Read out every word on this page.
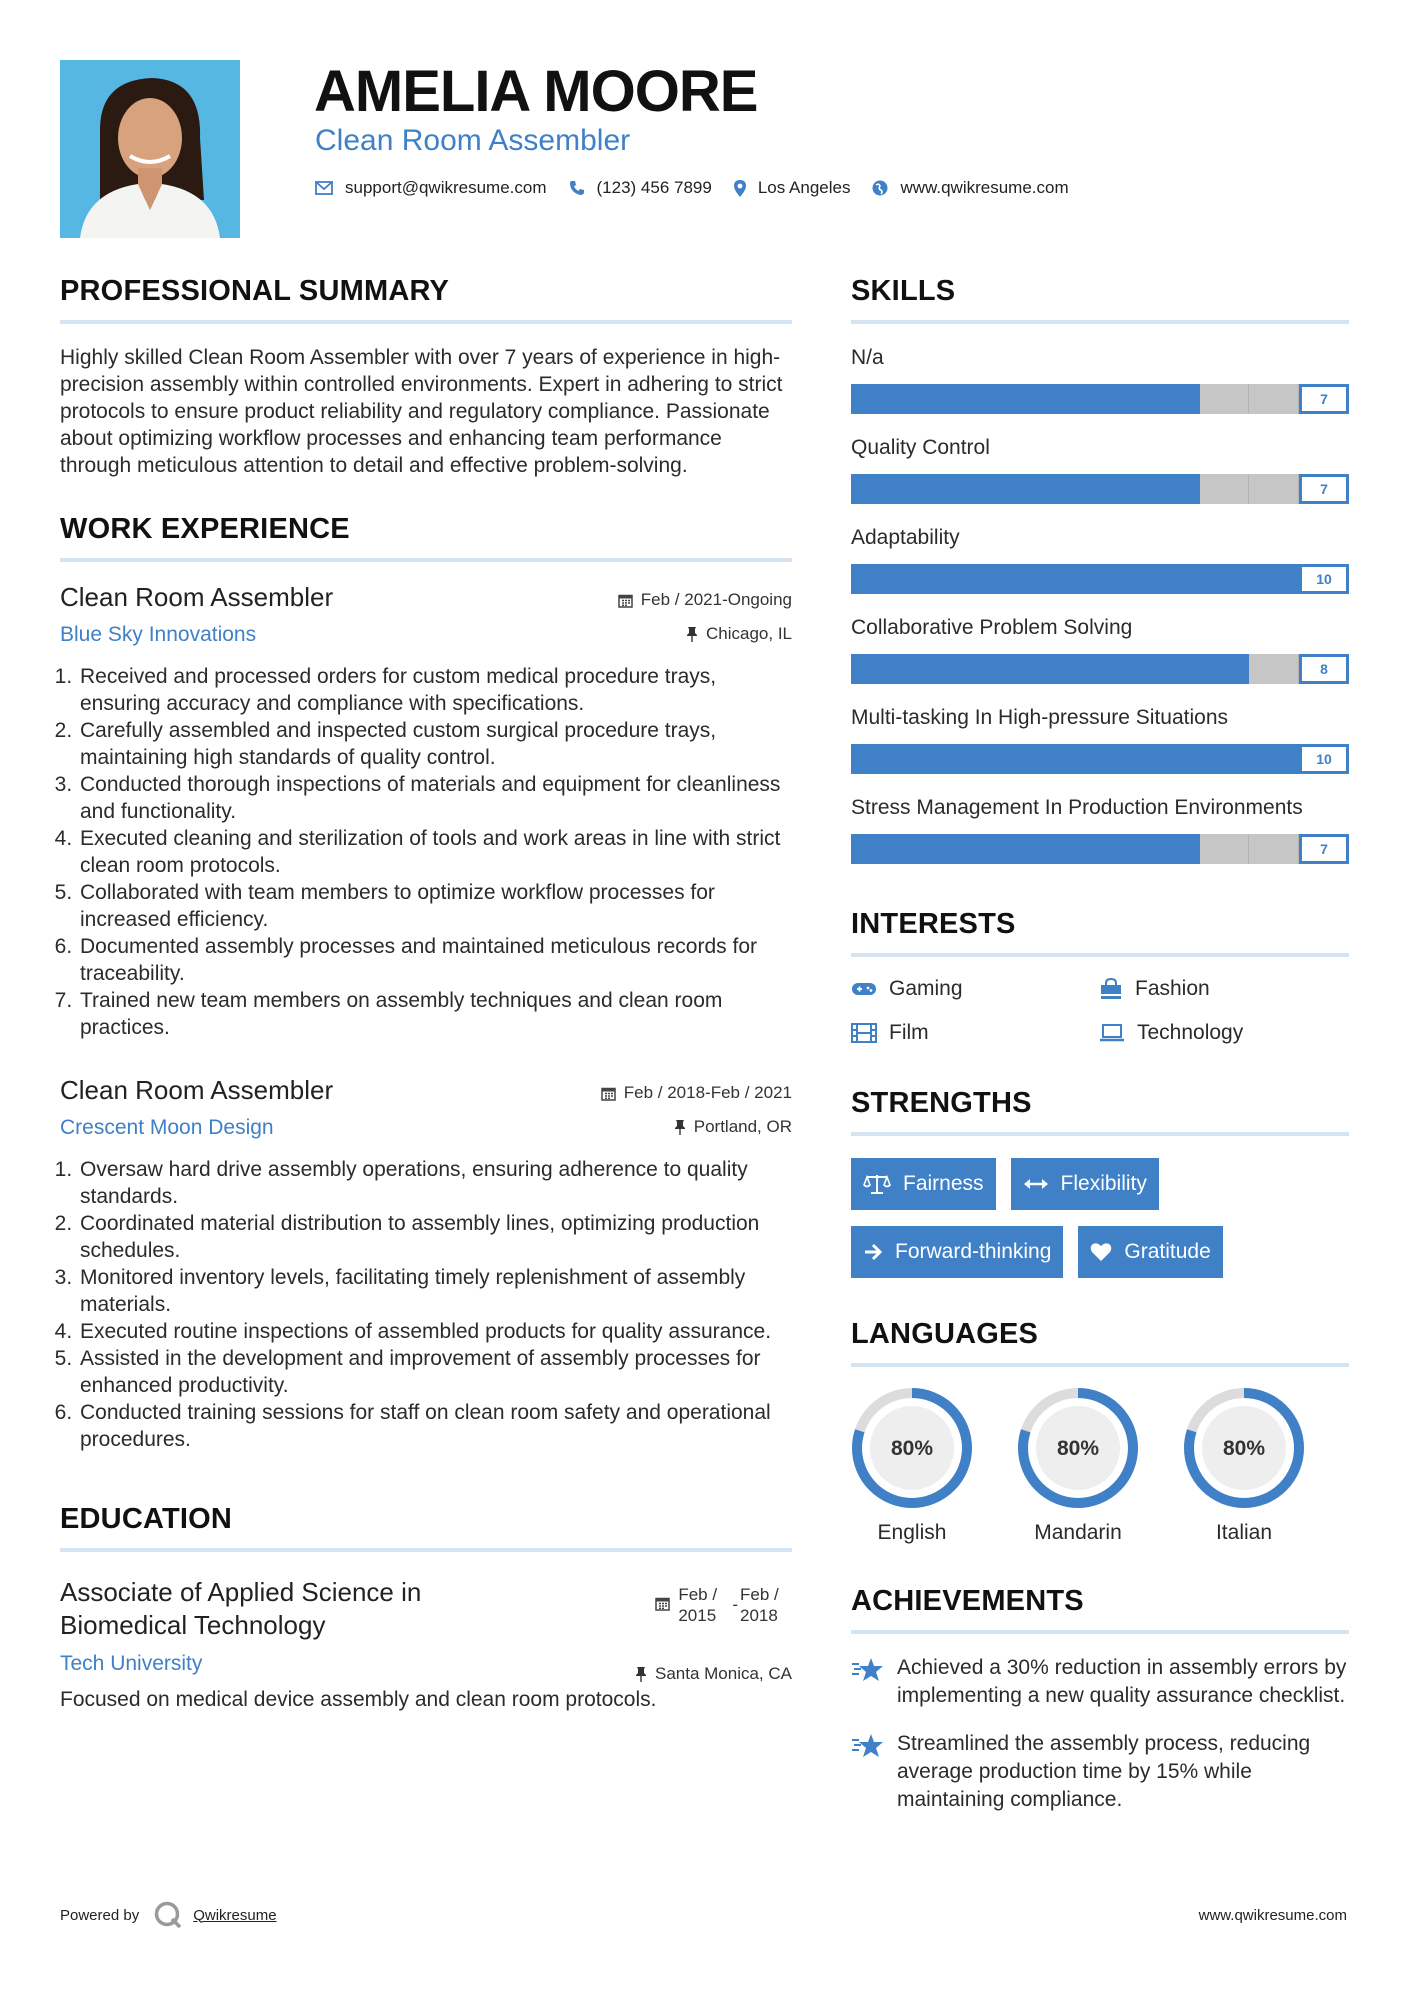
AMELIA MOORE
Clean Room Assembler
support@qwikresume.com	(123) 456 7899	Los Angeles	www.qwikresume.com
PROFESSIONAL SUMMARY
Highly skilled Clean Room Assembler with over 7 years of experience in high-precision assembly within controlled environments. Expert in adhering to strict protocols to ensure product reliability and regulatory compliance. Passionate about optimizing workflow processes and enhancing team performance through meticulous attention to detail and effective problem-solving.
WORK EXPERIENCE
Clean Room Assembler
Blue Sky Innovations
Feb / 2021-Ongoing
Chicago, IL
1. Received and processed orders for custom medical procedure trays, ensuring accuracy and compliance with specifications.
2. Carefully assembled and inspected custom surgical procedure trays, maintaining high standards of quality control.
3. Conducted thorough inspections of materials and equipment for cleanliness and functionality.
4. Executed cleaning and sterilization of tools and work areas in line with strict clean room protocols.
5. Collaborated with team members to optimize workflow processes for increased efficiency.
6. Documented assembly processes and maintained meticulous records for traceability.
7. Trained new team members on assembly techniques and clean room practices.
Clean Room Assembler
Crescent Moon Design
Feb / 2018-Feb / 2021
Portland, OR
1. Oversaw hard drive assembly operations, ensuring adherence to quality standards.
2. Coordinated material distribution to assembly lines, optimizing production schedules.
3. Monitored inventory levels, facilitating timely replenishment of assembly materials.
4. Executed routine inspections of assembled products for quality assurance.
5. Assisted in the development and improvement of assembly processes for enhanced productivity.
6. Conducted training sessions for staff on clean room safety and operational procedures.
EDUCATION
Associate of Applied Science in Biomedical Technology
Tech University
Focused on medical device assembly and clean room protocols.
Feb / 2015
-
Feb / 2018
Santa Monica, CA
SKILLS
N/a
7
Quality Control
7
Adaptability
10
Collaborative Problem Solving
8
Multi-tasking In High-pressure Situations
10
Stress Management In Production Environments
7
INTERESTS
Gaming	Fashion
Film	Technology
STRENGTHS
Fairness	Flexibility
Forward-thinking	Gratitude
LANGUAGES
80%
English
80%
Mandarin
80%
Italian
ACHIEVEMENTS
Achieved a 30% reduction in assembly errors by implementing a new quality assurance checklist.
Streamlined the assembly process, reducing average production time by 15% while maintaining compliance.
Powered by	Qwikresume	www.qwikresume.com
